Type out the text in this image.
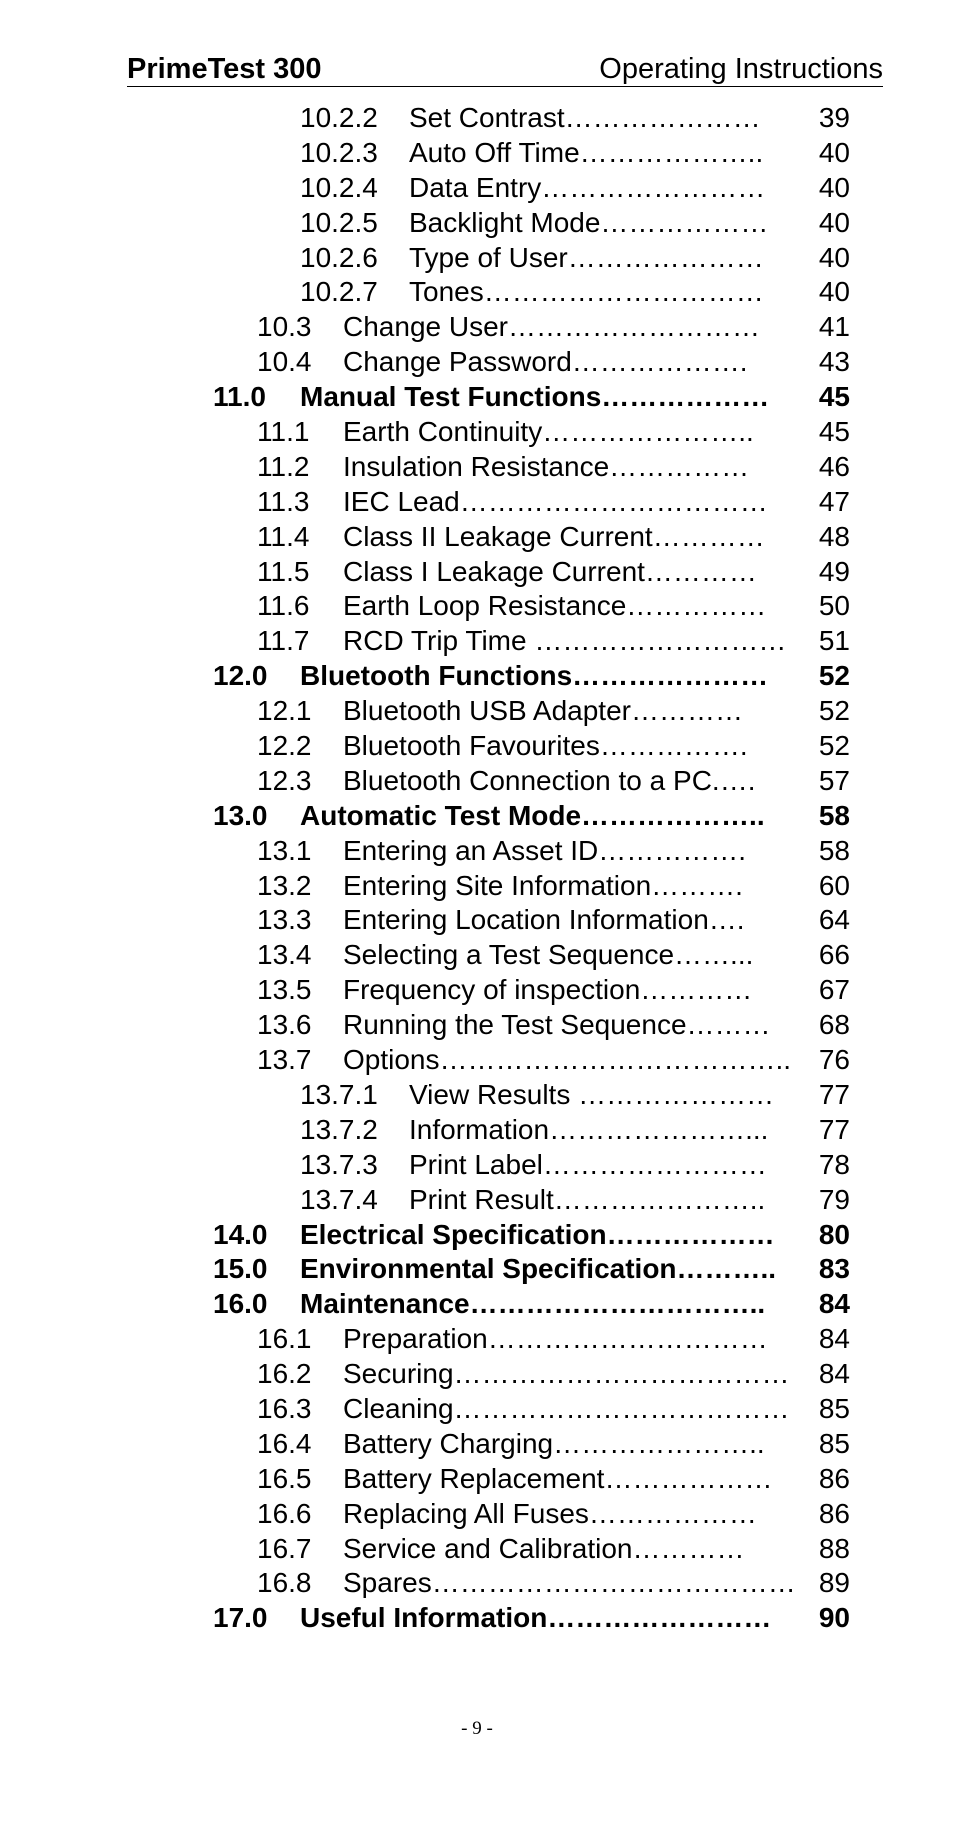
PrimeTest 300	Operating Instructions
10.2.2 Set Contrast………………… 39
10.2.3 Auto Off Time……………….. 40
10.2.4 Data Entry…………………… 40
10.2.5 Backlight Mode……………… 40
10.2.6 Type of User………………… 40
10.2.7 Tones………………………… 40
10.3 Change User……………………… 41
10.4 Change Password……………….	43
11.0 Manual Test Functions……………… 45
11.1 Earth Continuity………………….. 45
11.2 Insulation Resistance…………… 46
11.3 IEC Lead…………………………… 47
11.4 Class II Leakage Current………… 48
11.5 Class I Leakage Current………… 49
11.6 Earth Loop Resistance…………… 50
11.7 RCD Trip Time ……………………… 51
12.0 Bluetooth Functions………………… 52
12.1 Bluetooth USB Adapter…………	52
12.2 Bluetooth Favourites…………….	52
12.3 Bluetooth Connection to a PC.…. 57
13.0 Automatic Test Mode……………….. 58
13.1 Entering an Asset ID…………….	58
13.2 Entering Site Information……….	60
13.3 Entering Location Information….	64
13.4 Selecting a Test Sequence……... 66
13.5 Frequency of inspection………… 67
13.6 Running the Test Sequence……… 68
13.7 Options……………………………….. 76
13.7.1 View Results ………………… 77
13.7.2 Information…………………... 77
13.7.3 Print Label…………………… 78
13.7.4 Print Result………………….. 79
14.0 Electrical Specification……………… 80
15.0 Environmental Specification……….. 83
16.0 Maintenance………………………….. 84
16.1 Preparation………………………… 84
16.2 Securing……………………………… 84
16.3 Cleaning……………………………… 85
16.4 Battery Charging………………….. 85
16.5 Battery Replacement……………… 86
16.6 Replacing All Fuses……………… 86
16.7 Service and Calibration…………	88
16.8 Spares………………………………… 89
17.0 Useful Information…………………… 90
- 9 -
